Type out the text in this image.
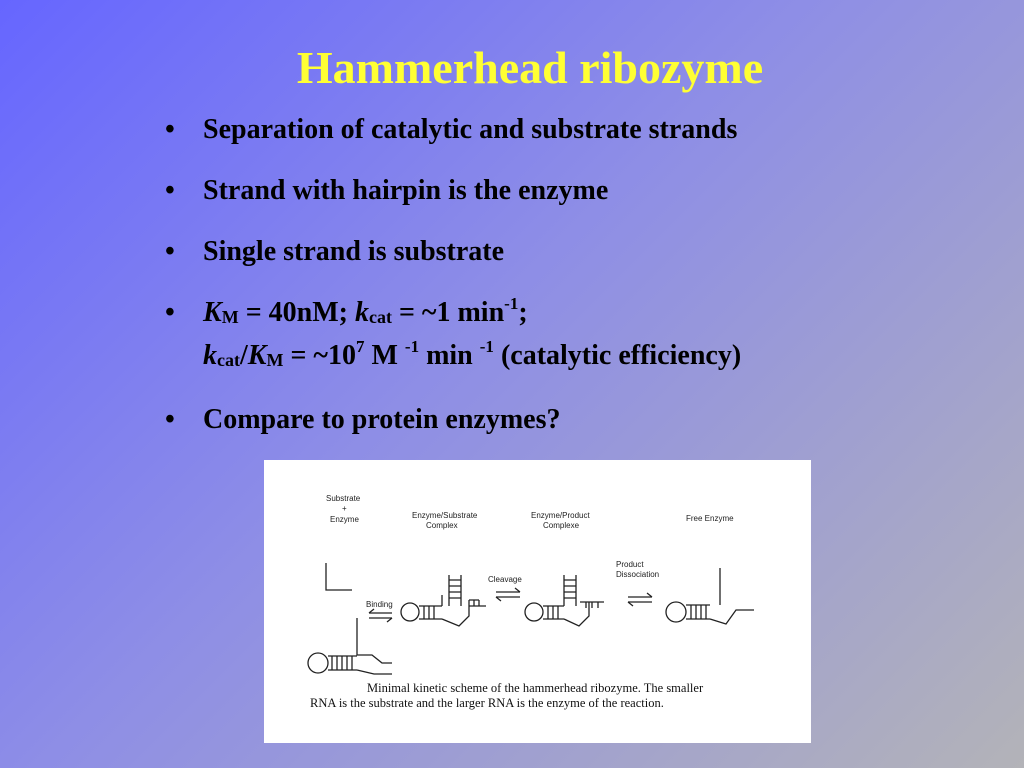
Hammerhead ribozyme
• Separation of catalytic and substrate strands
• Strand with hairpin is the enzyme
• Single strand is substrate
• $K_M = 40nM$; $k_{cat}$ = ~1 $\min^{-1}$;
$k_{cat}/K_M$ = $\sim 10^7$ M $^{-1}$ min $^{-1}$ (catalytic efficiency)
• Compare to protein enzymes?
Substrate
+
Enzyme	Enzyme/Substrate
Complex
Enzyme/Product
Complexe
Free Enzyme
Binding
Cleavage
Product
Dissociation
Minimal kinetic scheme of the hammerhead ribozyme. The smaller
RNA is the substrate and the larger RNA is the enzyme of the reaction.
